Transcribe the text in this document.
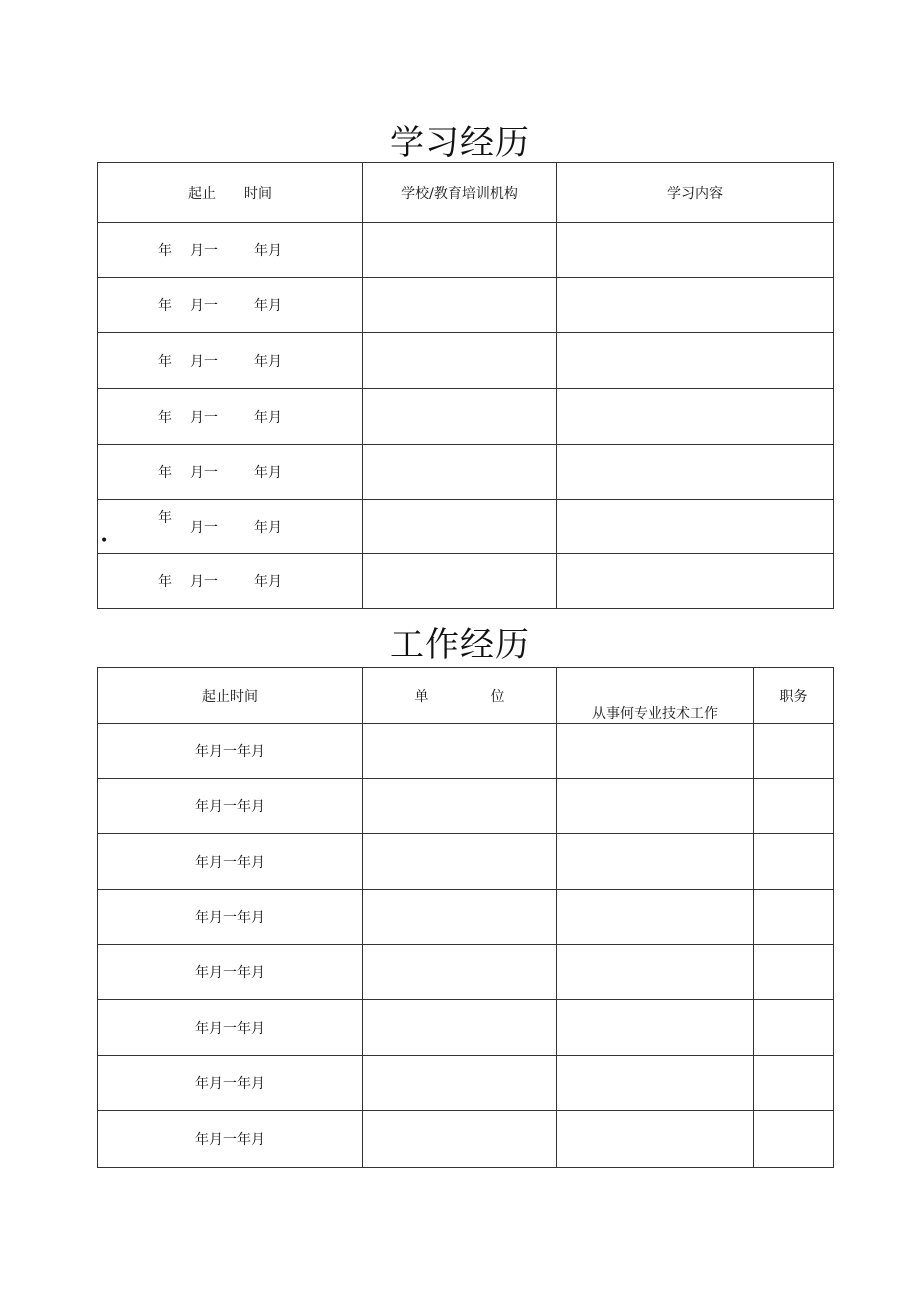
学习经历
起止 时间	学校/教育培训机构	学习内容

年 月一 年月		

年 月一 年月		

年 月一 年月		

年 月一 年月		

年 月一 年月		

•
年月一 年月		

年 月一 年月		

工作经历
起止时间	单 位	从事何专业技术工作	职务
年月一年月			
年月一年月			
年月一年月			
年月一年月			
年月一年月			
年月一年月			
年月一年月			
年月一年月			
